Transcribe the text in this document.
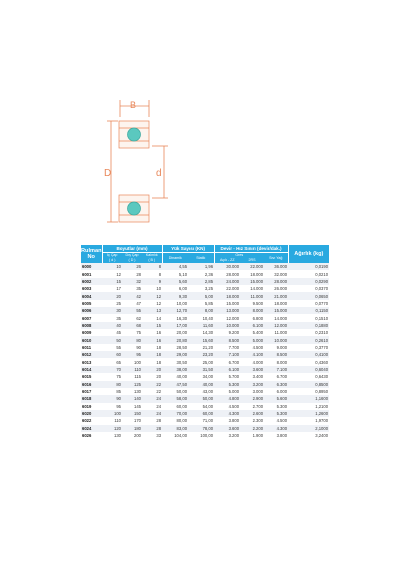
B
D	d
Rulman No	Boyutlar (mm)			Yük Sayısı (KN)		Devir - Hız Sınırı (devir/dak.)			Ağırlık (kg)
	İç Çap	Dış Çap	Kalınlık	Dinamik	Statik	Gres		Sıvı Yağ	
	( d )	( D )	( B )			Açık - ZZ	2RS		
6000	10	26	8	4,55	1,96	30.000	22.000	36.000	0,0190
6001	12	28	8	5,10	2,36	28.000	18.000	32.000	0,0210
6002	15	32	9	5,60	2,85	24.000	15.000	28.000	0,0290
6003	17	35	10	6,00	3,25	22.000	14.000	26.000	0,0370
6004	20	42	12	9,30	5,00	18.000	11.000	21.000	0,0650
6005	25	47	12	10,00	5,85	15.000	9.500	18.000	0,0770
6006	30	55	13	12,70	8,00	13.000	8.000	15.000	0,1150
6007	35	62	14	16,30	10,40	12.000	6.800	14.000	0,1510
6008	40	68	15	17,00	11,60	10.000	6.100	12.000	0,1880
6009	45	75	16	20,00	14,30	9.200	5.400	11.000	0,2310
6010	50	80	16	20,80	15,60	8.500	5.000	10.000	0,2610
6011	55	90	18	28,50	21,20	7.700	4.500	9.000	0,3770
6012	60	95	18	29,00	23,20	7.100	4.100	8.500	0,4100
6013	65	100	18	30,50	25,00	6.700	4.000	8.000	0,4360
6014	70	110	20	38,00	31,50	6.100	3.600	7.100	0,6040
6015	75	115	20	40,00	34,00	5.700	3.400	6.700	0,6430
6016	80	125	22	47,50	40,00	5.300	3.200	6.300	0,8500
6017	85	130	22	50,00	43,00	5.000	3.000	6.000	0,8950
6018	90	140	24	58,00	50,00	4.800	2.900	5.600	1,1600
6019	95	145	24	60,00	54,00	4.500	2.700	5.300	1,2100
6020	100	150	24	70,00	60,00	4.300	2.600	5.300	1,2600
6022	110	170	28	80,00	71,00	3.800	2.300	4.500	1,9700
6024	120	180	28	83,00	78,00	3.600	2.200	4.300	2,1000
6026	130	200	33	104,00	100,00	3.200	1.900	3.800	3,2400
